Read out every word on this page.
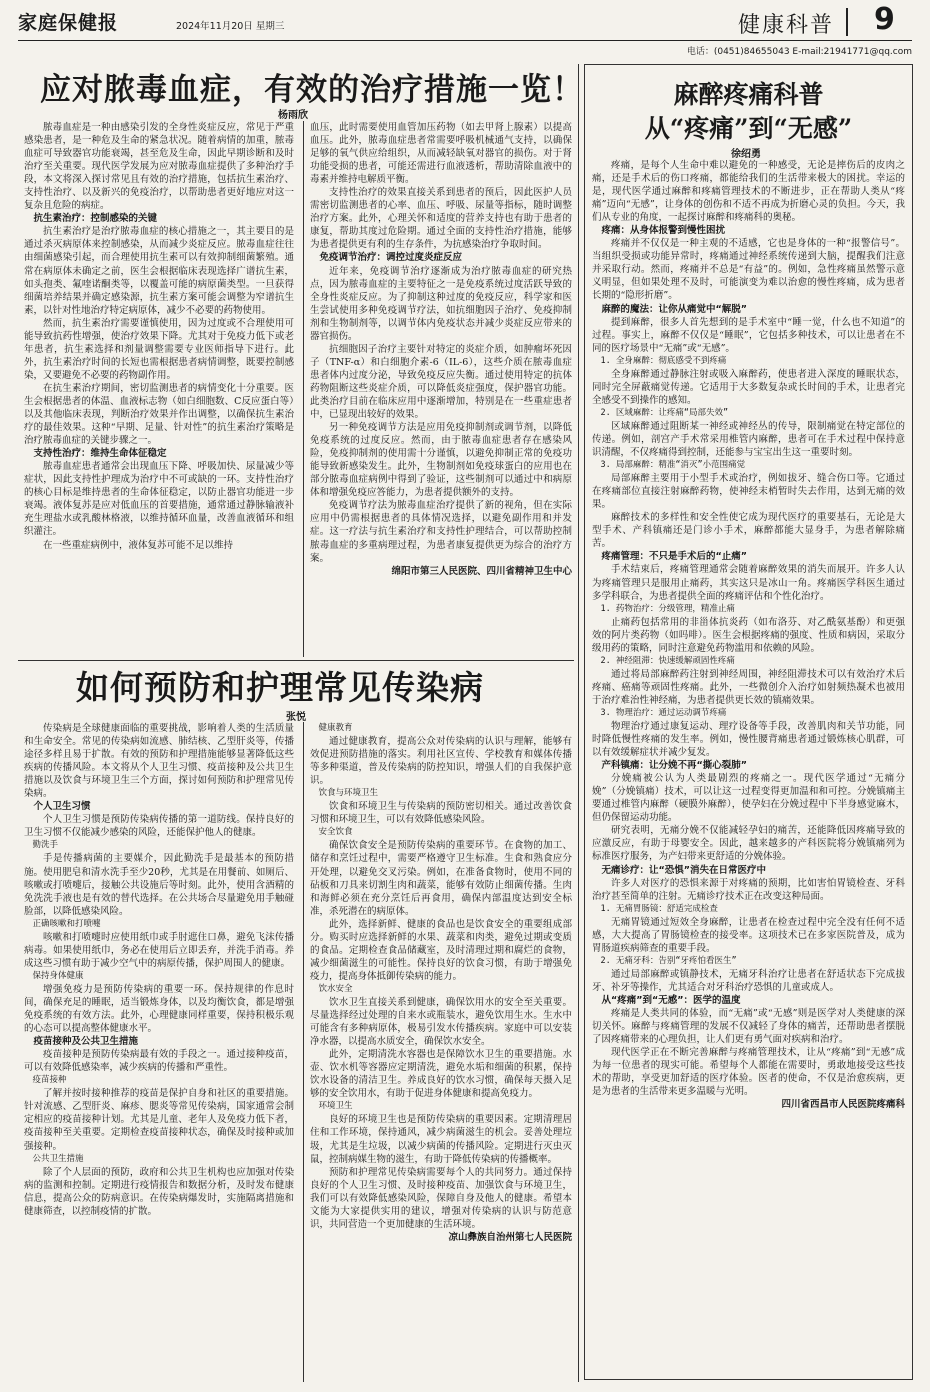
家庭保健报	2024年11月20日 星期三	健康科普 9
电话：(0451)84655043 E-mail:21941771@qq.com
应对脓毒血症，有效的治疗措施一览！
杨雨欣

脓毒血症是一种由感染引发的全身性炎症反应，常见于严重感染患者，是一种危及生命的紧急状况。随着病情的加重，脓毒血症可导致器官功能衰竭，甚至危及生命，因此早期诊断和及时治疗至关重要。现代医学发展为应对脓毒血症提供了多种治疗手段，本文将深入探讨常见且有效的治疗措施，包括抗生素治疗、支持性治疗、以及新兴的免疫治疗，以帮助患者更好地应对这一复杂且危险的病症。

抗生素治疗：控制感染的关键

抗生素治疗是治疗脓毒血症的核心措施之一，其主要目的是通过杀灭病原体来控制感染，从而减少炎症反应。脓毒血症往往由细菌感染引起，而合理使用抗生素可以有效抑制细菌繁殖。通常在病原体未确定之前，医生会根据临床表现选择广谱抗生素，如头孢类、氟喹诺酮类等，以覆盖可能的病原菌类型。一旦获得细菌培养结果并确定感染源，抗生素方案可能会调整为窄谱抗生素，以针对性地治疗特定病原体，减少不必要的药物使用。

然而，抗生素治疗需要谨慎使用，因为过度或不合理使用可能导致抗药性增强，使治疗效果下降。尤其对于免疫力低下或老年患者，抗生素选择和剂量调整需要专业医师指导下进行。此外，抗生素治疗时间的长短也需根据患者病情调整，既要控制感染，又要避免不必要的药物副作用。

在抗生素治疗期间，密切监测患者的病情变化十分重要。医生会根据患者的体温、血液标志物（如白细胞数、C反应蛋白等）以及其他临床表现，判断治疗效果并作出调整，以确保抗生素治疗的最佳效果。这种“早期、足量、针对性”的抗生素治疗策略是治疗脓毒血症的关键步骤之一。

支持性治疗：维持生命体征稳定

脓毒血症患者通常会出现血压下降、呼吸加快、尿量减少等症状，因此支持性护理成为治疗中不可或缺的一环。支持性治疗的核心目标是维持患者的生命体征稳定，以防止器官功能进一步衰竭。液体复苏是应对低血压的首要措施，通常通过静脉输液补充生理盐水或乳酸林格液，以维持循环血量，改善血液循环和组织灌注。

在一些重症病例中，液体复苏可能不足以维持

血压，此时需要使用血管加压药物（如去甲肾上腺素）以提高血压。此外，脓毒血症患者常需要呼吸机械通气支持，以确保足够的氧气供应给组织，从而减轻缺氧对器官的损伤。对于肾功能受损的患者，可能还需进行血液透析，帮助清除血液中的毒素并维持电解质平衡。

支持性治疗的效果直接关系到患者的预后，因此医护人员需密切监测患者的心率、血压、呼吸、尿量等指标，随时调整治疗方案。此外，心理关怀和适度的营养支持也有助于患者的康复，帮助其度过危险期。通过全面的支持性治疗措施，能够为患者提供更有利的生存条件，为抗感染治疗争取时间。

免疫调节治疗：调控过度炎症反应

近年来，免疫调节治疗逐渐成为治疗脓毒血症的研究热点，因为脓毒血症的主要特征之一是免疫系统过度活跃导致的全身性炎症反应。为了抑制这种过度的免疫反应，科学家和医生尝试使用多种免疫调节疗法，如抗细胞因子治疗、免疫抑制剂和生物制剂等，以调节体内免疫状态并减少炎症反应带来的器官损伤。

抗细胞因子治疗主要针对特定的炎症介质，如肿瘤坏死因子（TNF-α）和白细胞介素-6（IL-6），这些介质在脓毒血症患者体内过度分泌，导致免疫反应失衡。通过使用特定的抗体药物阻断这些炎症介质，可以降低炎症强度，保护器官功能。此类治疗目前在临床应用中逐渐增加，特别是在一些重症患者中，已显现出较好的效果。

另一种免疫调节方法是应用免疫抑制剂或调节剂，以降低免疫系统的过度反应。然而，由于脓毒血症患者存在感染风险，免疫抑制剂的使用需十分谨慎，以避免抑制正常的免疫功能导致新感染发生。此外，生物制剂如免疫球蛋白的应用也在部分脓毒血症病例中得到了验证，这些制剂可以通过中和病原体和增强免疫应答能力，为患者提供额外的支持。

免疫调节疗法为脓毒血症治疗提供了新的视角，但在实际应用中仍需根据患者的具体情况选择，以避免副作用和并发症。这一疗法与抗生素治疗和支持性护理结合，可以帮助控制脓毒血症的多重病理过程，为患者康复提供更为综合的治疗方案。

绵阳市第三人民医院、四川省精神卫生中心

如何预防和护理常见传染病
张悦

传染病是全球健康面临的重要挑战，影响着人类的生活质量和生命安全。常见的传染病如流感、肺结核、乙型肝炎等，传播途径多样且易于扩散。有效的预防和护理措施能够显著降低这些疾病的传播风险。本文将从个人卫生习惯、疫苗接种及公共卫生措施以及饮食与环境卫生三个方面，探讨如何预防和护理常见传染病。

个人卫生习惯

个人卫生习惯是预防传染病传播的第一道防线。保持良好的卫生习惯不仅能减少感染的风险，还能保护他人的健康。

勤洗手

手是传播病菌的主要媒介，因此勤洗手是最基本的预防措施。使用肥皂和清水洗手至少20秒，尤其是在用餐前、如厕后、咳嗽或打喷嚏后，接触公共设施后等时刻。此外，使用含酒精的免洗洗手液也是有效的替代选择。在公共场合尽量避免用手触碰脸部，以降低感染风险。

正确咳嗽和打喷嚏

咳嗽和打喷嚏时应使用纸巾或手肘遮住口鼻，避免飞沫传播病毒。如果使用纸巾，务必在使用后立即丢弃，并洗手消毒。养成这些习惯有助于减少空气中的病原传播，保护周围人的健康。

保持身体健康

增强免疫力是预防传染病的重要一环。保持规律的作息时间，确保充足的睡眠，适当锻炼身体，以及均衡饮食，都是增强免疫系统的有效方法。此外，心理健康同样重要，保持积极乐观的心态可以提高整体健康水平。

疫苗接种及公共卫生措施

疫苗接种是预防传染病最有效的手段之一。通过接种疫苗，可以有效降低感染率，减少疾病的传播和严重性。

疫苗接种

了解并按时接种推荐的疫苗是保护自身和社区的重要措施。针对流感、乙型肝炎、麻疹、腮炎等常见传染病，国家通常会制定相应的疫苗接种计划。尤其是儿童、老年人及免疫力低下者，疫苗接种至关重要。定期检查疫苗接种状态，确保及时接种或加强接种。

公共卫生措施

除了个人层面的预防，政府和公共卫生机构也应加强对传染病的监测和控制。定期进行疫情报告和数据分析，及时发布健康信息，提高公众的防病意识。在传染病爆发时，实施隔离措施和健康筛查，以控制疫情的扩散。

健康教育

通过健康教育，提高公众对传染病的认识与理解，能够有效促进预防措施的落实。利用社区宣传、学校教育和媒体传播等多种渠道，普及传染病的防控知识，增强人们的自我保护意识。

饮食与环境卫生

饮食和环境卫生与传染病的预防密切相关。通过改善饮食习惯和环境卫生，可以有效降低感染风险。

安全饮食

确保饮食安全是预防传染病的重要环节。在食物的加工、储存和烹饪过程中，需要严格遵守卫生标准。生食和熟食应分开处理，以避免交叉污染。例如，在准备食物时，使用不同的砧板和刀具来切割生肉和蔬菜，能够有效防止细菌传播。生肉和海鲜必须在充分烹饪后再食用，确保内部温度达到安全标准，杀死潜在的病原体。

此外，选择新鲜、健康的食品也是饮食安全的重要组成部分。购买时应选择新鲜的水果、蔬菜和肉类，避免过期或变质的食品。定期检查食品储藏室，及时清理过期和腐烂的食物，减少细菌滋生的可能性。保持良好的饮食习惯，有助于增强免疫力，提高身体抵御传染病的能力。

饮水安全

饮水卫生直接关系到健康，确保饮用水的安全至关重要。尽量选择经过处理的自来水或瓶装水，避免饮用生水。生水中可能含有多种病原体，极易引发水传播疾病。家庭中可以安装净水器，以提高水质安全，确保饮水安全。

此外，定期清洗水容器也是保障饮水卫生的重要措施。水壶、饮水机等容器应定期清洗，避免水垢和细菌的积累，保持饮水设备的清洁卫生。养成良好的饮水习惯，确保每天摄入足够的安全饮用水，有助于促进身体健康和提高免疫力。

环境卫生

良好的环境卫生也是预防传染病的重要因素。定期清理居住和工作环境，保持通风，减少病菌滋生的机会。妥善处理垃圾，尤其是生垃圾，以减少病菌的传播风险。定期进行灭虫灭鼠，控制病媒生物的滋生，有助于降低传染病的传播概率。

预防和护理常见传染病需要每个人的共同努力。通过保持良好的个人卫生习惯、及时接种疫苗、加强饮食与环境卫生，我们可以有效降低感染风险，保障自身及他人的健康。希望本文能为大家提供实用的建议，增强对传染病的认识与防范意识，共同营造一个更加健康的生活环境。

凉山彝族自治州第七人民医院

麻醉疼痛科普
从“疼痛”到“无感”
徐绍勇

疼痛，是每个人生命中难以避免的一种感受，无论是摔伤后的皮肉之痛，还是手术后的伤口疼痛，都能给我们的生活带来极大的困扰。幸运的是，现代医学通过麻醉和疼痛管理技术的不断进步，正在帮助人类从“疼痛”迈向“无感”，让身体的创伤和不适不再成为折磨心灵的负担。今天，我们从专业的角度，一起探讨麻醉和疼痛科的奥秘。

疼痛：从身体报警到慢性困扰

疼痛并不仅仅是一种主观的不适感，它也是身体的一种“报警信号”。当组织受损或功能异常时，疼痛通过神经系统传递到大脑，提醒我们注意并采取行动。然而，疼痛并不总是“有益”的。例如，急性疼痛虽然警示意义明显，但如果处理不及时，可能演变为难以治愈的慢性疼痛，成为患者长期的“隐形折磨”。

麻醉的魔法：让你从痛觉中“解脱”

提到麻醉，很多人首先想到的是手术室中“睡一觉，什么也不知道”的过程。事实上，麻醉不仅仅是“睡眠”，它包括多种技术，可以让患者在不同的医疗场景中“无痛”或“无感”。

1. 全身麻醉：彻底感受不到疼痛

全身麻醉通过静脉注射或吸入麻醉药，使患者进入深度的睡眠状态，同时完全屏蔽痛觉传递。它适用于大多数复杂或长时间的手术，让患者完全感受不到操作的感知。

2. 区域麻醉：让疼痛“局部失效”

区域麻醉通过阻断某一神经或神经丛的传导，限制痛觉在特定部位的传递。例如，剖宫产手术常采用椎管内麻醉，患者可在手术过程中保持意识清醒，不仅疼痛得到控制，还能参与宝宝出生这一重要时刻。

3. 局部麻醉：精准“消灭”小范围痛觉

局部麻醉主要用于小型手术或治疗，例如拔牙、缝合伤口等。它通过在疼痛部位直接注射麻醉药物，使神经末梢暂时失去作用，达到无痛的效果。

麻醉技术的多样性和安全性使它成为现代医疗的重要基石，无论是大型手术、产科镇痛还是门诊小手术，麻醉都能大显身手，为患者解除痛苦。

疼痛管理：不只是手术后的“止痛”

手术结束后，疼痛管理通常会随着麻醉效果的消失而展开。许多人认为疼痛管理只是服用止痛药，其实这只是冰山一角。疼痛医学科医生通过多学科联合，为患者提供全面的疼痛评估和个性化治疗。

1. 药物治疗：分级管理，精准止痛

止痛药包括常用的非甾体抗炎药（如布洛芬、对乙酰氨基酚）和更强效的阿片类药物（如吗啡）。医生会根据疼痛的强度、性质和病因，采取分级用药的策略，同时注意避免药物滥用和依赖的风险。

2. 神经阻滞：快速缓解顽固性疼痛

通过将局部麻醉药注射到神经周围，神经阻滞技术可以有效治疗术后疼痛、癌痛等顽固性疼痛。此外，一些微创介入治疗如射频热凝术也被用于治疗难治性神经痛，为患者提供更长效的镇痛效果。

3. 物理治疗：通过运动调节疼痛

物理治疗通过康复运动、理疗设备等手段，改善肌肉和关节功能，同时降低慢性疼痛的发生率。例如，慢性腰背痛患者通过锻炼核心肌群，可以有效缓解症状并减少复发。

产科镇痛：让分娩不再“撕心裂肺”

分娩痛被公认为人类最剧烈的疼痛之一。现代医学通过“无痛分娩”（分娩镇痛）技术，可以让这一过程变得更加温和和可控。分娩镇痛主要通过椎管内麻醉（硬膜外麻醉），使孕妇在分娩过程中下半身感觉麻木，但仍保留运动功能。

研究表明，无痛分娩不仅能减轻孕妇的痛苦，还能降低因疼痛导致的应激反应，有助于母婴安全。因此，越来越多的产科医院将分娩镇痛列为标准医疗服务，为产妇带来更舒适的分娩体验。

无痛诊疗：让“恐惧”消失在日常医疗中

许多人对医疗的恐惧来源于对疼痛的预期，比如害怕胃镜检查、牙科治疗甚至简单的注射。无痛诊疗技术正在改变这种局面。

1. 无痛胃肠镜：舒适完成检查

无痛胃镜通过短效全身麻醉，让患者在检查过程中完全没有任何不适感，大大提高了胃肠镜检查的接受率。这项技术已在多家医院普及，成为胃肠道疾病筛查的重要手段。

2. 无痛牙科：告别“牙疼怕看医生”

通过局部麻醉或镇静技术，无痛牙科治疗让患者在舒适状态下完成拔牙、补牙等操作，尤其适合对牙科治疗恐惧的儿童或成人。

从“疼痛”到“无感”：医学的温度

疼痛是人类共同的体验，而“无痛”或“无感”则是医学对人类健康的深切关怀。麻醉与疼痛管理的发展不仅减轻了身体的痛苦，还帮助患者摆脱了因疼痛带来的心理负担，让人们更有勇气面对疾病和治疗。

现代医学正在不断完善麻醉与疼痛管理技术，让从“疼痛”到“无感”成为每一位患者的现实可能。希望每个人都能在需要时，勇敢地接受这些技术的帮助，享受更加舒适的医疗体验。医者的使命，不仅是治愈疾病，更是为患者的生活带来更多温暖与光明。

四川省西昌市人民医院疼痛科
